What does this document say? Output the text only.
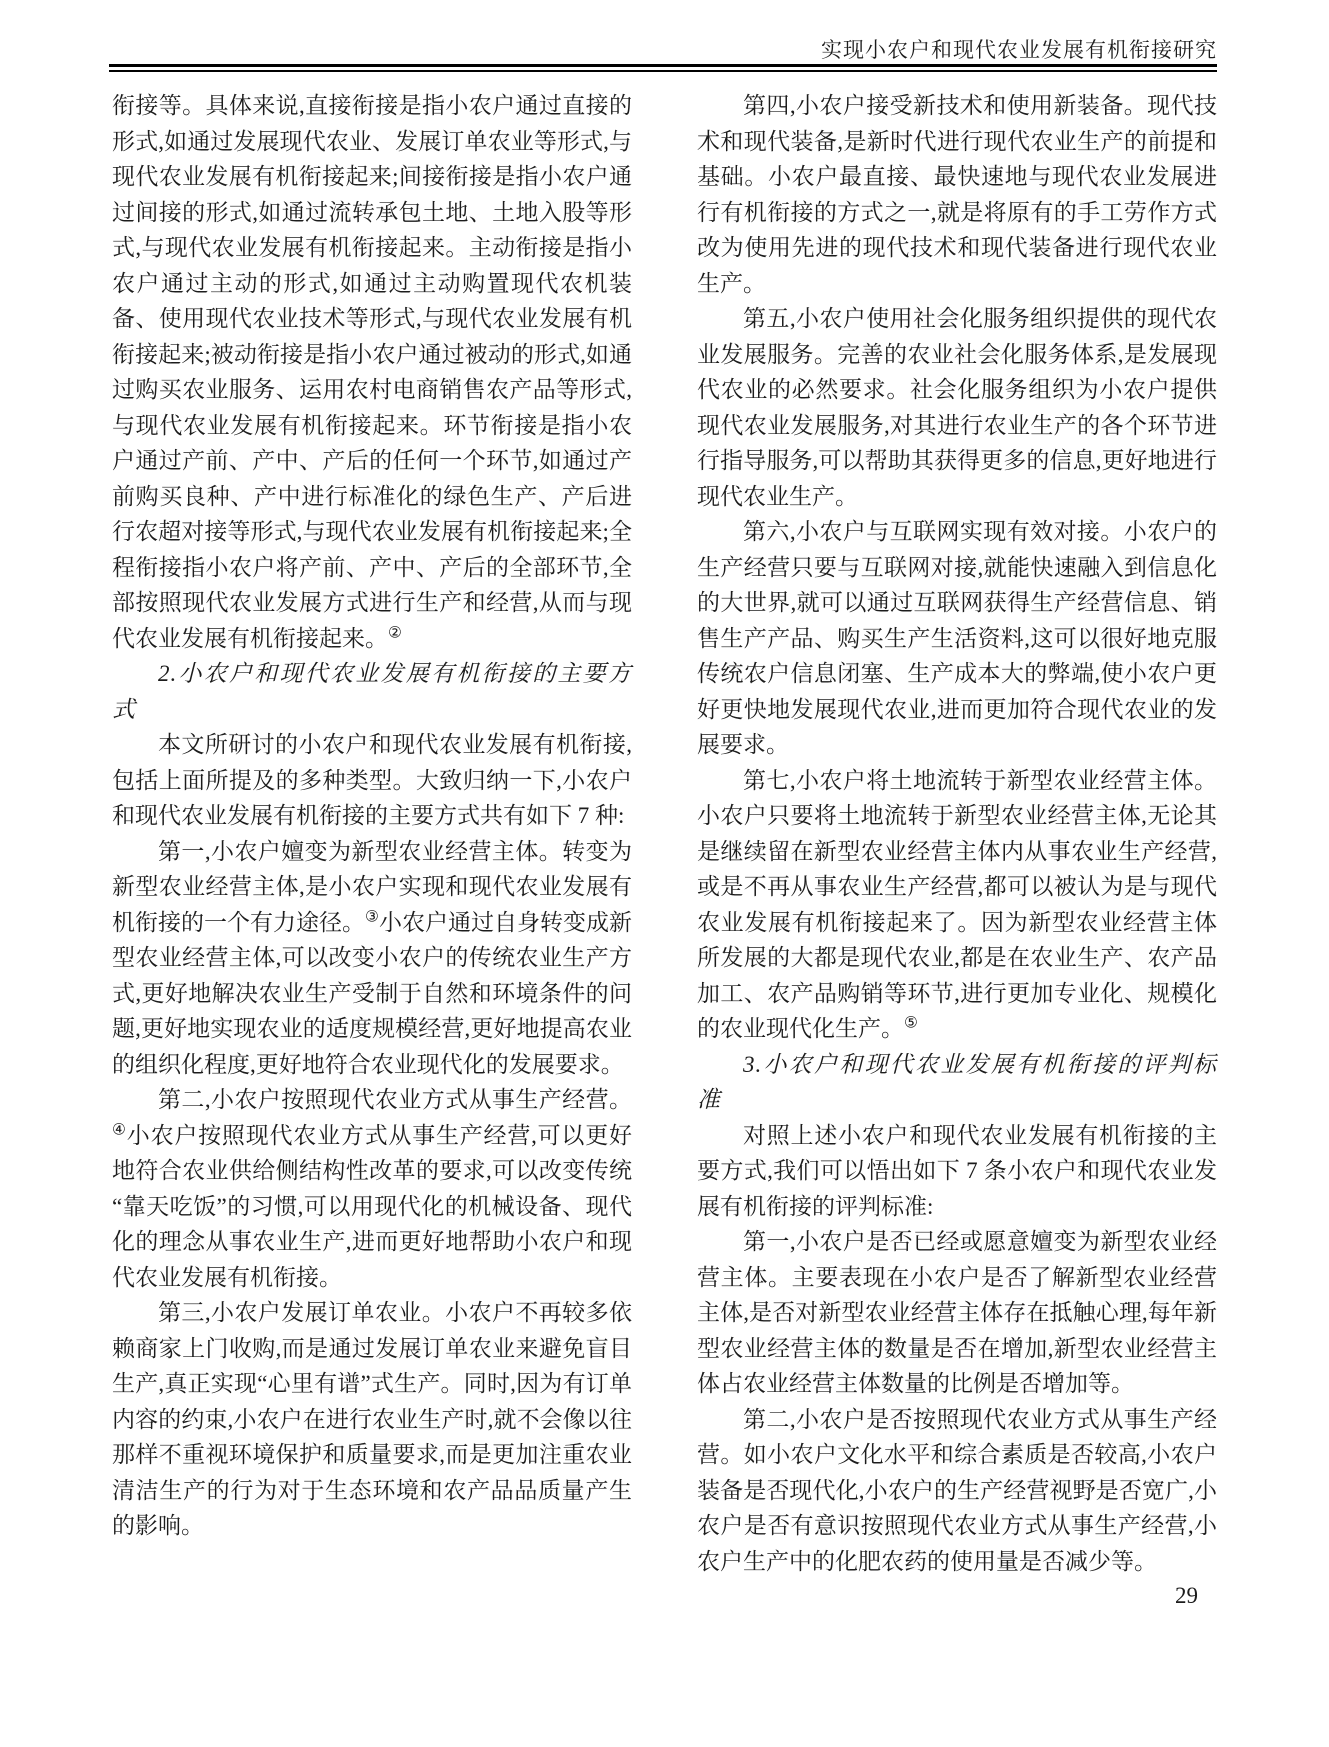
实现小农户和现代农业发展有机衔接研究

衔接等。具体来说,直接衔接是指小农户通过直接的形式,如通过发展现代农业、发展订单农业等形式,与现代农业发展有机衔接起来;间接衔接是指小农户通过间接的形式,如通过流转承包土地、土地入股等形式,与现代农业发展有机衔接起来。主动衔接是指小农户通过主动的形式,如通过主动购置现代农机装备、使用现代农业技术等形式,与现代农业发展有机衔接起来;被动衔接是指小农户通过被动的形式,如通过购买农业服务、运用农村电商销售农产品等形式,与现代农业发展有机衔接起来。环节衔接是指小农户通过产前、产中、产后的任何一个环节,如通过产前购买良种、产中进行标准化的绿色生产、产后进行农超对接等形式,与现代农业发展有机衔接起来;全程衔接指小农户将产前、产中、产后的全部环节,全部按照现代农业发展方式进行生产和经营,从而与现代农业发展有机衔接起来。②

2.小农户和现代农业发展有机衔接的主要方式

本文所研讨的小农户和现代农业发展有机衔接,包括上面所提及的多种类型。大致归纳一下,小农户和现代农业发展有机衔接的主要方式共有如下 7 种:

第一,小农户嬗变为新型农业经营主体。转变为新型农业经营主体,是小农户实现和现代农业发展有机衔接的一个有力途径。③小农户通过自身转变成新型农业经营主体,可以改变小农户的传统农业生产方式,更好地解决农业生产受制于自然和环境条件的问题,更好地实现农业的适度规模经营,更好地提高农业的组织化程度,更好地符合农业现代化的发展要求。

第二,小农户按照现代农业方式从事生产经营。④小农户按照现代农业方式从事生产经营,可以更好地符合农业供给侧结构性改革的要求,可以改变传统“靠天吃饭”的习惯,可以用现代化的机械设备、现代化的理念从事农业生产,进而更好地帮助小农户和现代农业发展有机衔接。

第三,小农户发展订单农业。小农户不再较多依赖商家上门收购,而是通过发展订单农业来避免盲目生产,真正实现“心里有谱”式生产。同时,因为有订单内容的约束,小农户在进行农业生产时,就不会像以往那样不重视环境保护和质量要求,而是更加注重农业清洁生产的行为对于生态环境和农产品品质量产生的影响。

第四,小农户接受新技术和使用新装备。现代技术和现代装备,是新时代进行现代农业生产的前提和基础。小农户最直接、最快速地与现代农业发展进行有机衔接的方式之一,就是将原有的手工劳作方式改为使用先进的现代技术和现代装备进行现代农业生产。

第五,小农户使用社会化服务组织提供的现代农业发展服务。完善的农业社会化服务体系,是发展现代农业的必然要求。社会化服务组织为小农户提供现代农业发展服务,对其进行农业生产的各个环节进行指导服务,可以帮助其获得更多的信息,更好地进行现代农业生产。

第六,小农户与互联网实现有效对接。小农户的生产经营只要与互联网对接,就能快速融入到信息化的大世界,就可以通过互联网获得生产经营信息、销售生产产品、购买生产生活资料,这可以很好地克服传统农户信息闭塞、生产成本大的弊端,使小农户更好更快地发展现代农业,进而更加符合现代农业的发展要求。

第七,小农户将土地流转于新型农业经营主体。小农户只要将土地流转于新型农业经营主体,无论其是继续留在新型农业经营主体内从事农业生产经营,或是不再从事农业生产经营,都可以被认为是与现代农业发展有机衔接起来了。因为新型农业经营主体所发展的大都是现代农业,都是在农业生产、农产品加工、农产品购销等环节,进行更加专业化、规模化的农业现代化生产。⑤

3.小农户和现代农业发展有机衔接的评判标准

对照上述小农户和现代农业发展有机衔接的主要方式,我们可以悟出如下 7 条小农户和现代农业发展有机衔接的评判标准:

第一,小农户是否已经或愿意嬗变为新型农业经营主体。主要表现在小农户是否了解新型农业经营主体,是否对新型农业经营主体存在抵触心理,每年新型农业经营主体的数量是否在增加,新型农业经营主体占农业经营主体数量的比例是否增加等。

第二,小农户是否按照现代农业方式从事生产经营。如小农户文化水平和综合素质是否较高,小农户装备是否现代化,小农户的生产经营视野是否宽广,小农户是否有意识按照现代农业方式从事生产经营,小农户生产中的化肥农药的使用量是否减少等。

29
